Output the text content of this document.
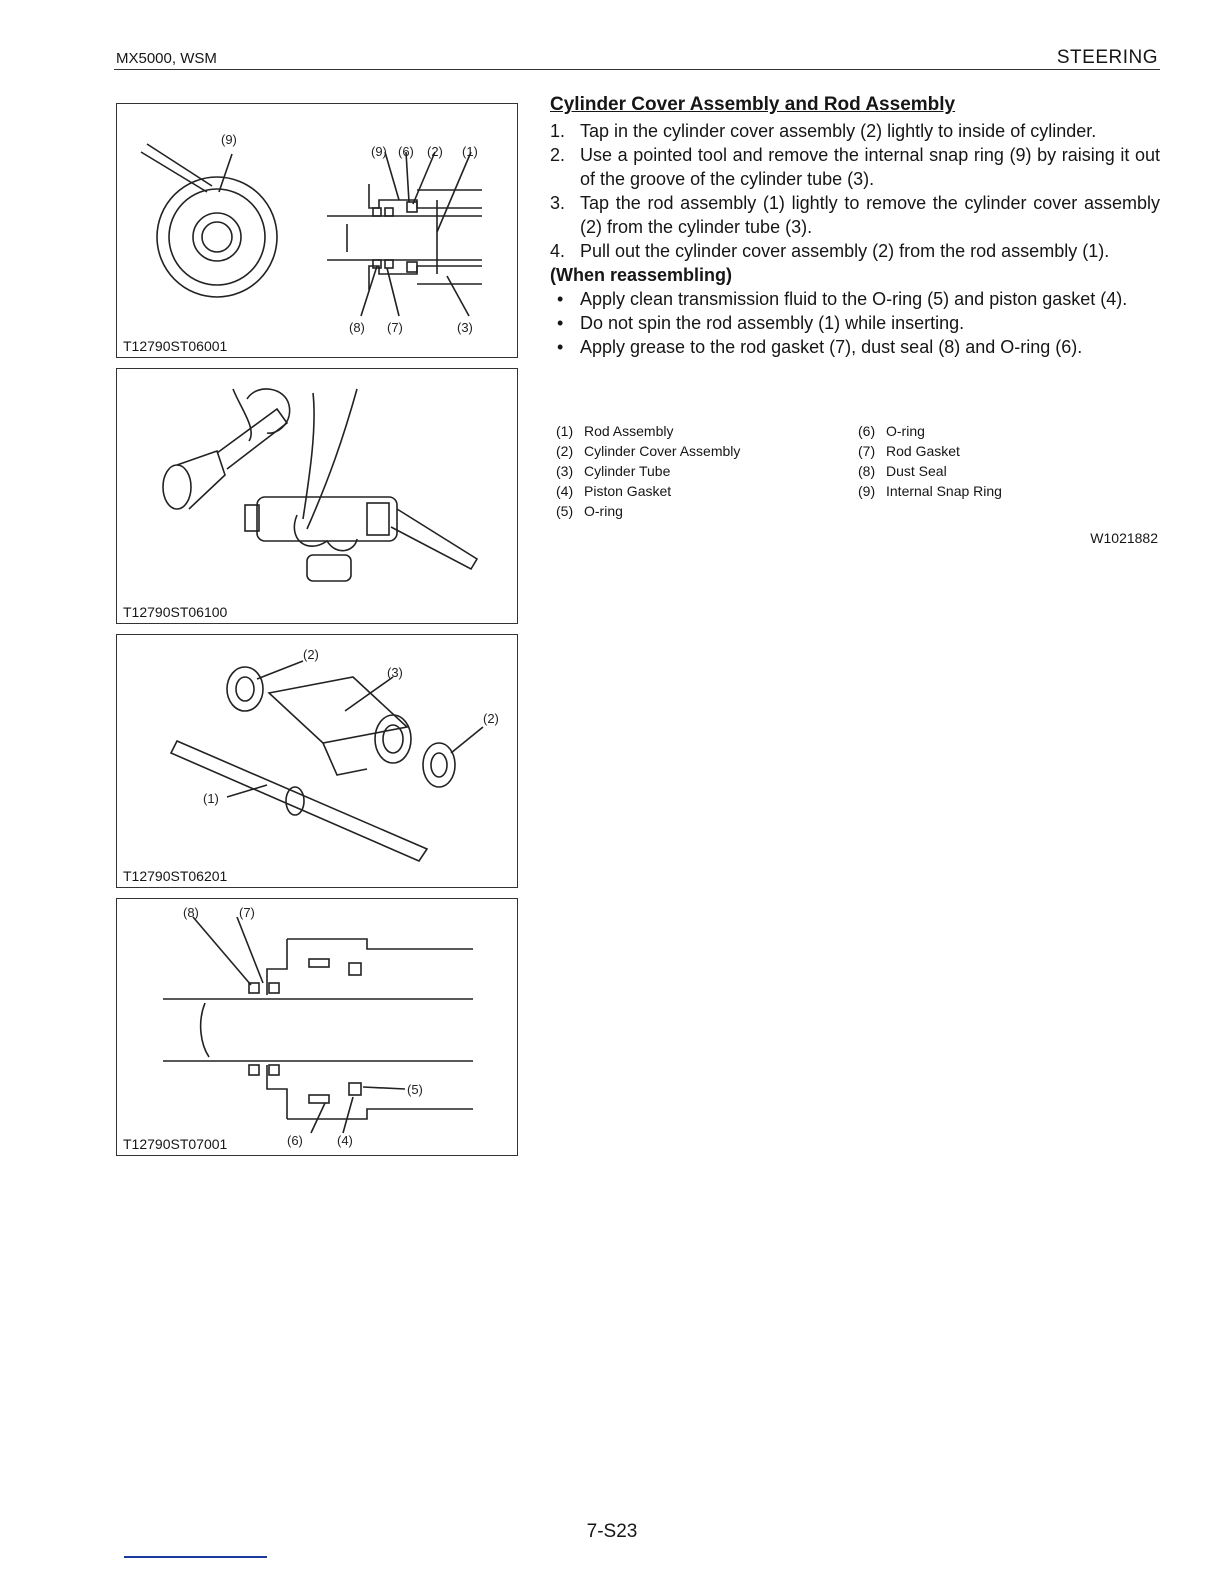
MX5000, WSM	STEERING
(9)
(9) (6) (2) (1)
(8) (7)	(3)
T12790ST06001
T12790ST06100
(2)
(3)
(2)
(1)
T12790ST06201
(8)	(7)
(5)
(6)	(4)
T12790ST07001
Cylinder Cover Assembly and Rod Assembly
1. Tap in the cylinder cover assembly (2) lightly to inside of cylinder.
2. Use a pointed tool and remove the internal snap ring (9) by raising it out of the groove of the cylinder tube (3).
3. Tap the rod assembly (1) lightly to remove the cylinder cover assembly (2) from the cylinder tube (3).
4. Pull out the cylinder cover assembly (2) from the rod assembly (1).

(When reassembling)

• Apply clean transmission fluid to the O-ring (5) and piston gasket (4).
• Do not spin the rod assembly (1) while inserting.
• Apply grease to the rod gasket (7), dust seal (8) and O-ring (6).
(1) Rod Assembly
(2) Cylinder Cover Assembly
(3) Cylinder Tube
(4) Piston Gasket
(5) O-ring
(6) O-ring
(7) Rod Gasket
(8) Dust Seal
(9) Internal Snap Ring
W1021882
7-S23
